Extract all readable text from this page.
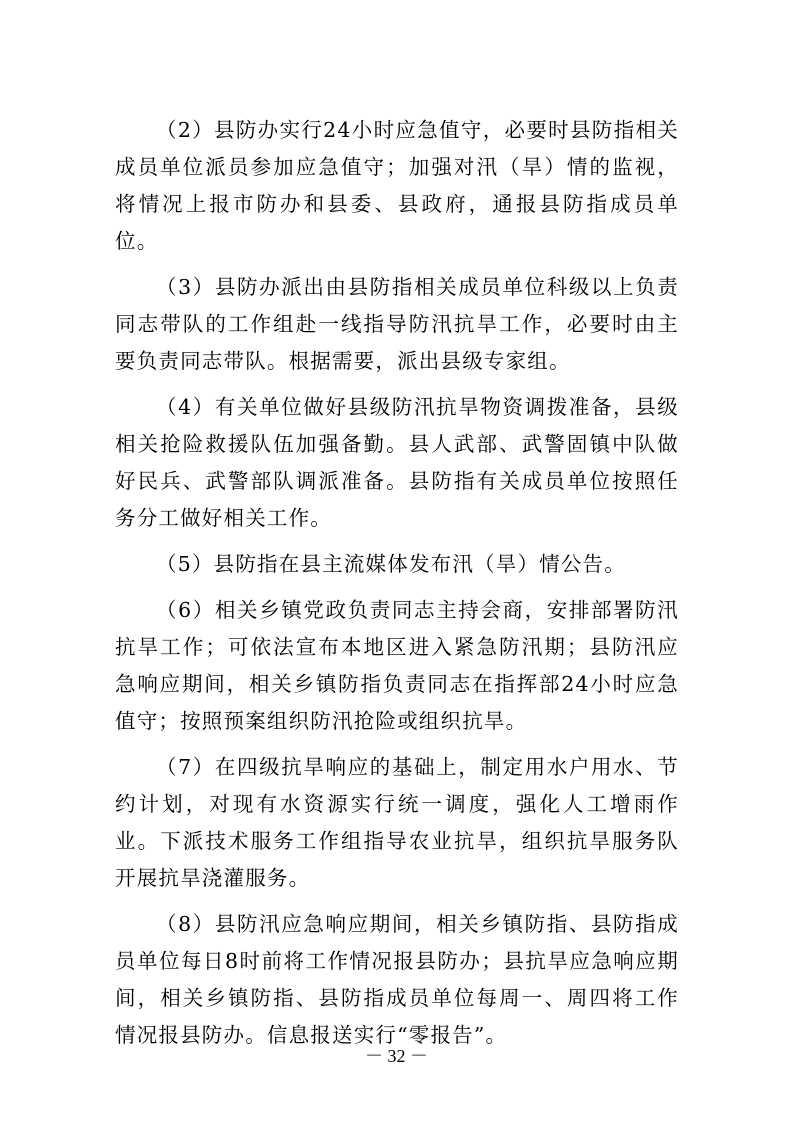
（2）县防办实行24小时应急值守，必要时县防指相关成员单位派员参加应急值守；加强对汛（旱）情的监视，将情况上报市防办和县委、县政府，通报县防指成员单位。

（3）县防办派出由县防指相关成员单位科级以上负责同志带队的工作组赴一线指导防汛抗旱工作，必要时由主要负责同志带队。根据需要，派出县级专家组。

（4）有关单位做好县级防汛抗旱物资调拨准备，县级相关抢险救援队伍加强备勤。县人武部、武警固镇中队做好民兵、武警部队调派准备。县防指有关成员单位按照任务分工做好相关工作。

（5）县防指在县主流媒体发布汛（旱）情公告。

（6）相关乡镇党政负责同志主持会商，安排部署防汛抗旱工作；可依法宣布本地区进入紧急防汛期；县防汛应急响应期间，相关乡镇防指负责同志在指挥部24小时应急值守；按照预案组织防汛抢险或组织抗旱。

（7）在四级抗旱响应的基础上，制定用水户用水、节约计划，对现有水资源实行统一调度，强化人工增雨作业。下派技术服务工作组指导农业抗旱，组织抗旱服务队开展抗旱浇灌服务。

（8）县防汛应急响应期间，相关乡镇防指、县防指成员单位每日8时前将工作情况报县防办；县抗旱应急响应期间，相关乡镇防指、县防指成员单位每周一、周四将工作情况报县防办。信息报送实行“零报告”。

－ 32 －
